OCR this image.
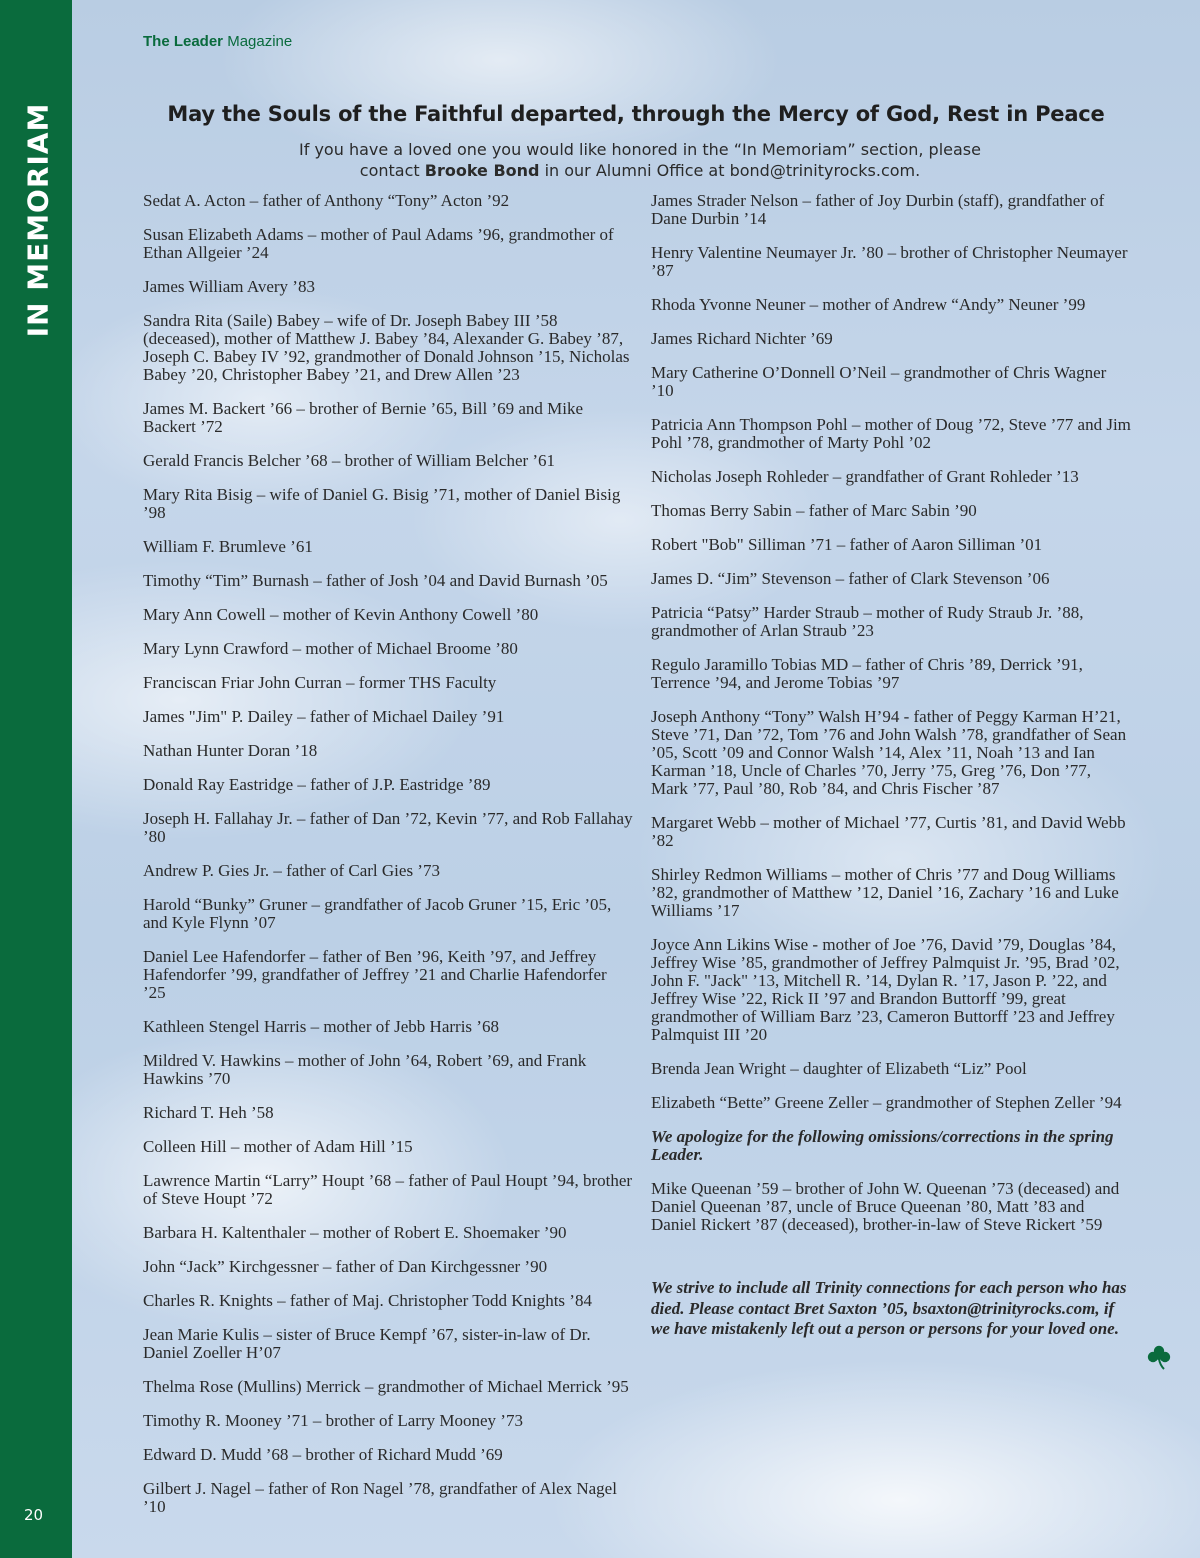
IN MEMORIAM
20
The Leader Magazine
May the Souls of the Faithful departed, through the Mercy of God, Rest in Peace
If you have a loved one you would like honored in the “In Memoriam” section, please
contact Brooke Bond in our Alumni Office at bond@trinityrocks.com.
Sedat A. Acton – father of Anthony “Tony” Acton ’92
Susan Elizabeth Adams – mother of Paul Adams ’96, grandmother of Ethan Allgeier ’24
James William Avery ’83
Sandra Rita (Saile) Babey – wife of Dr. Joseph Babey III ’58 (deceased), mother of Matthew J. Babey ’84, Alexander G. Babey ’87, Joseph C. Babey IV ’92, grandmother of Donald Johnson ’15, Nicholas Babey ’20, Christopher Babey ’21, and Drew Allen ’23
James M. Backert ’66 – brother of Bernie ’65, Bill ’69 and Mike Backert ’72
Gerald Francis Belcher ’68 – brother of William Belcher ’61
Mary Rita Bisig – wife of Daniel G. Bisig ’71, mother of Daniel Bisig ’98
William F. Brumleve ’61
Timothy “Tim” Burnash – father of Josh ’04 and David Burnash ’05
Mary Ann Cowell – mother of Kevin Anthony Cowell ’80
Mary Lynn Crawford – mother of Michael Broome ’80
Franciscan Friar John Curran – former THS Faculty
James "Jim" P. Dailey – father of Michael Dailey ’91
Nathan Hunter Doran ’18
Donald Ray Eastridge – father of J.P. Eastridge ’89
Joseph H. Fallahay Jr. – father of Dan ’72, Kevin ’77, and Rob Fallahay ’80
Andrew P. Gies Jr. – father of Carl Gies ’73
Harold “Bunky” Gruner – grandfather of Jacob Gruner ’15, Eric ’05, and Kyle Flynn ’07
Daniel Lee Hafendorfer – father of Ben ’96, Keith ’97, and Jeffrey Hafendorfer ’99, grandfather of Jeffrey ’21 and Charlie Hafendorfer ’25
Kathleen Stengel Harris – mother of Jebb Harris ’68
Mildred V. Hawkins – mother of John ’64, Robert ’69, and Frank Hawkins ’70
Richard T. Heh ’58
Colleen Hill – mother of Adam Hill ’15
Lawrence Martin “Larry” Houpt ’68 – father of Paul Houpt ’94, brother of Steve Houpt ’72
Barbara H. Kaltenthaler – mother of Robert E. Shoemaker ’90
John “Jack” Kirchgessner – father of Dan Kirchgessner ’90
Charles R. Knights – father of Maj. Christopher Todd Knights ’84
Jean Marie Kulis – sister of Bruce Kempf ’67, sister-in-law of Dr. Daniel Zoeller H’07
Thelma Rose (Mullins) Merrick – grandmother of Michael Merrick ’95
Timothy R. Mooney ’71 – brother of Larry Mooney ’73
Edward D. Mudd ’68 – brother of Richard Mudd ’69
Gilbert J. Nagel – father of Ron Nagel ’78, grandfather of Alex Nagel ’10
James Strader Nelson – father of Joy Durbin (staff), grandfather of Dane Durbin ’14
Henry Valentine Neumayer Jr. ’80 – brother of Christopher Neumayer ’87
Rhoda Yvonne Neuner – mother of Andrew “Andy” Neuner ’99
James Richard Nichter ’69
Mary Catherine O’Donnell O’Neil – grandmother of Chris Wagner ’10
Patricia Ann Thompson Pohl – mother of Doug ’72, Steve ’77 and Jim Pohl ’78, grandmother of Marty Pohl ’02
Nicholas Joseph Rohleder – grandfather of Grant Rohleder ’13
Thomas Berry Sabin – father of Marc Sabin ’90
Robert "Bob" Silliman ’71 – father of Aaron Silliman ’01
James D. “Jim” Stevenson – father of Clark Stevenson ’06
Patricia “Patsy” Harder Straub – mother of Rudy Straub Jr. ’88, grandmother of Arlan Straub ’23
Regulo Jaramillo Tobias MD – father of Chris ’89, Derrick ’91, Terrence ’94, and Jerome Tobias ’97
Joseph Anthony “Tony” Walsh H’94 - father of Peggy Karman H’21, Steve ’71, Dan ’72, Tom ’76 and John Walsh ’78, grandfather of Sean ’05, Scott ’09 and Connor Walsh ’14, Alex ’11, Noah ’13 and Ian Karman ’18, Uncle of Charles ’70, Jerry ’75, Greg ’76, Don ’77, Mark ’77, Paul ’80, Rob ’84, and Chris Fischer ’87
Margaret Webb – mother of Michael ’77, Curtis ’81, and David Webb ’82
Shirley Redmon Williams – mother of Chris ’77 and Doug Williams ’82, grandmother of Matthew ’12, Daniel ’16, Zachary ’16 and Luke Williams ’17
Joyce Ann Likins Wise - mother of Joe ’76, David ’79, Douglas ’84, Jeffrey Wise ’85, grandmother of Jeffrey Palmquist Jr. ’95, Brad ’02, John F. "Jack" ’13, Mitchell R. ’14, Dylan R. ’17, Jason P. ’22, and Jeffrey Wise ’22, Rick II ’97 and Brandon Buttorff ’99, great grandmother of William Barz ’23, Cameron Buttorff ’23 and Jeffrey Palmquist III ’20
Brenda Jean Wright – daughter of Elizabeth “Liz” Pool
Elizabeth “Bette” Greene Zeller – grandmother of Stephen Zeller ’94
We apologize for the following omissions/corrections in the spring Leader.
Mike Queenan ’59 – brother of John W. Queenan ’73 (deceased) and Daniel Queenan ’87, uncle of Bruce Queenan ’80, Matt ’83 and Daniel Rickert ’87 (deceased), brother-in-law of Steve Rickert ’59
We strive to include all Trinity connections for each person who has died. Please contact Bret Saxton ’05, bsaxton@trinityrocks.com, if we have mistakenly left out a person or persons for your loved one.
